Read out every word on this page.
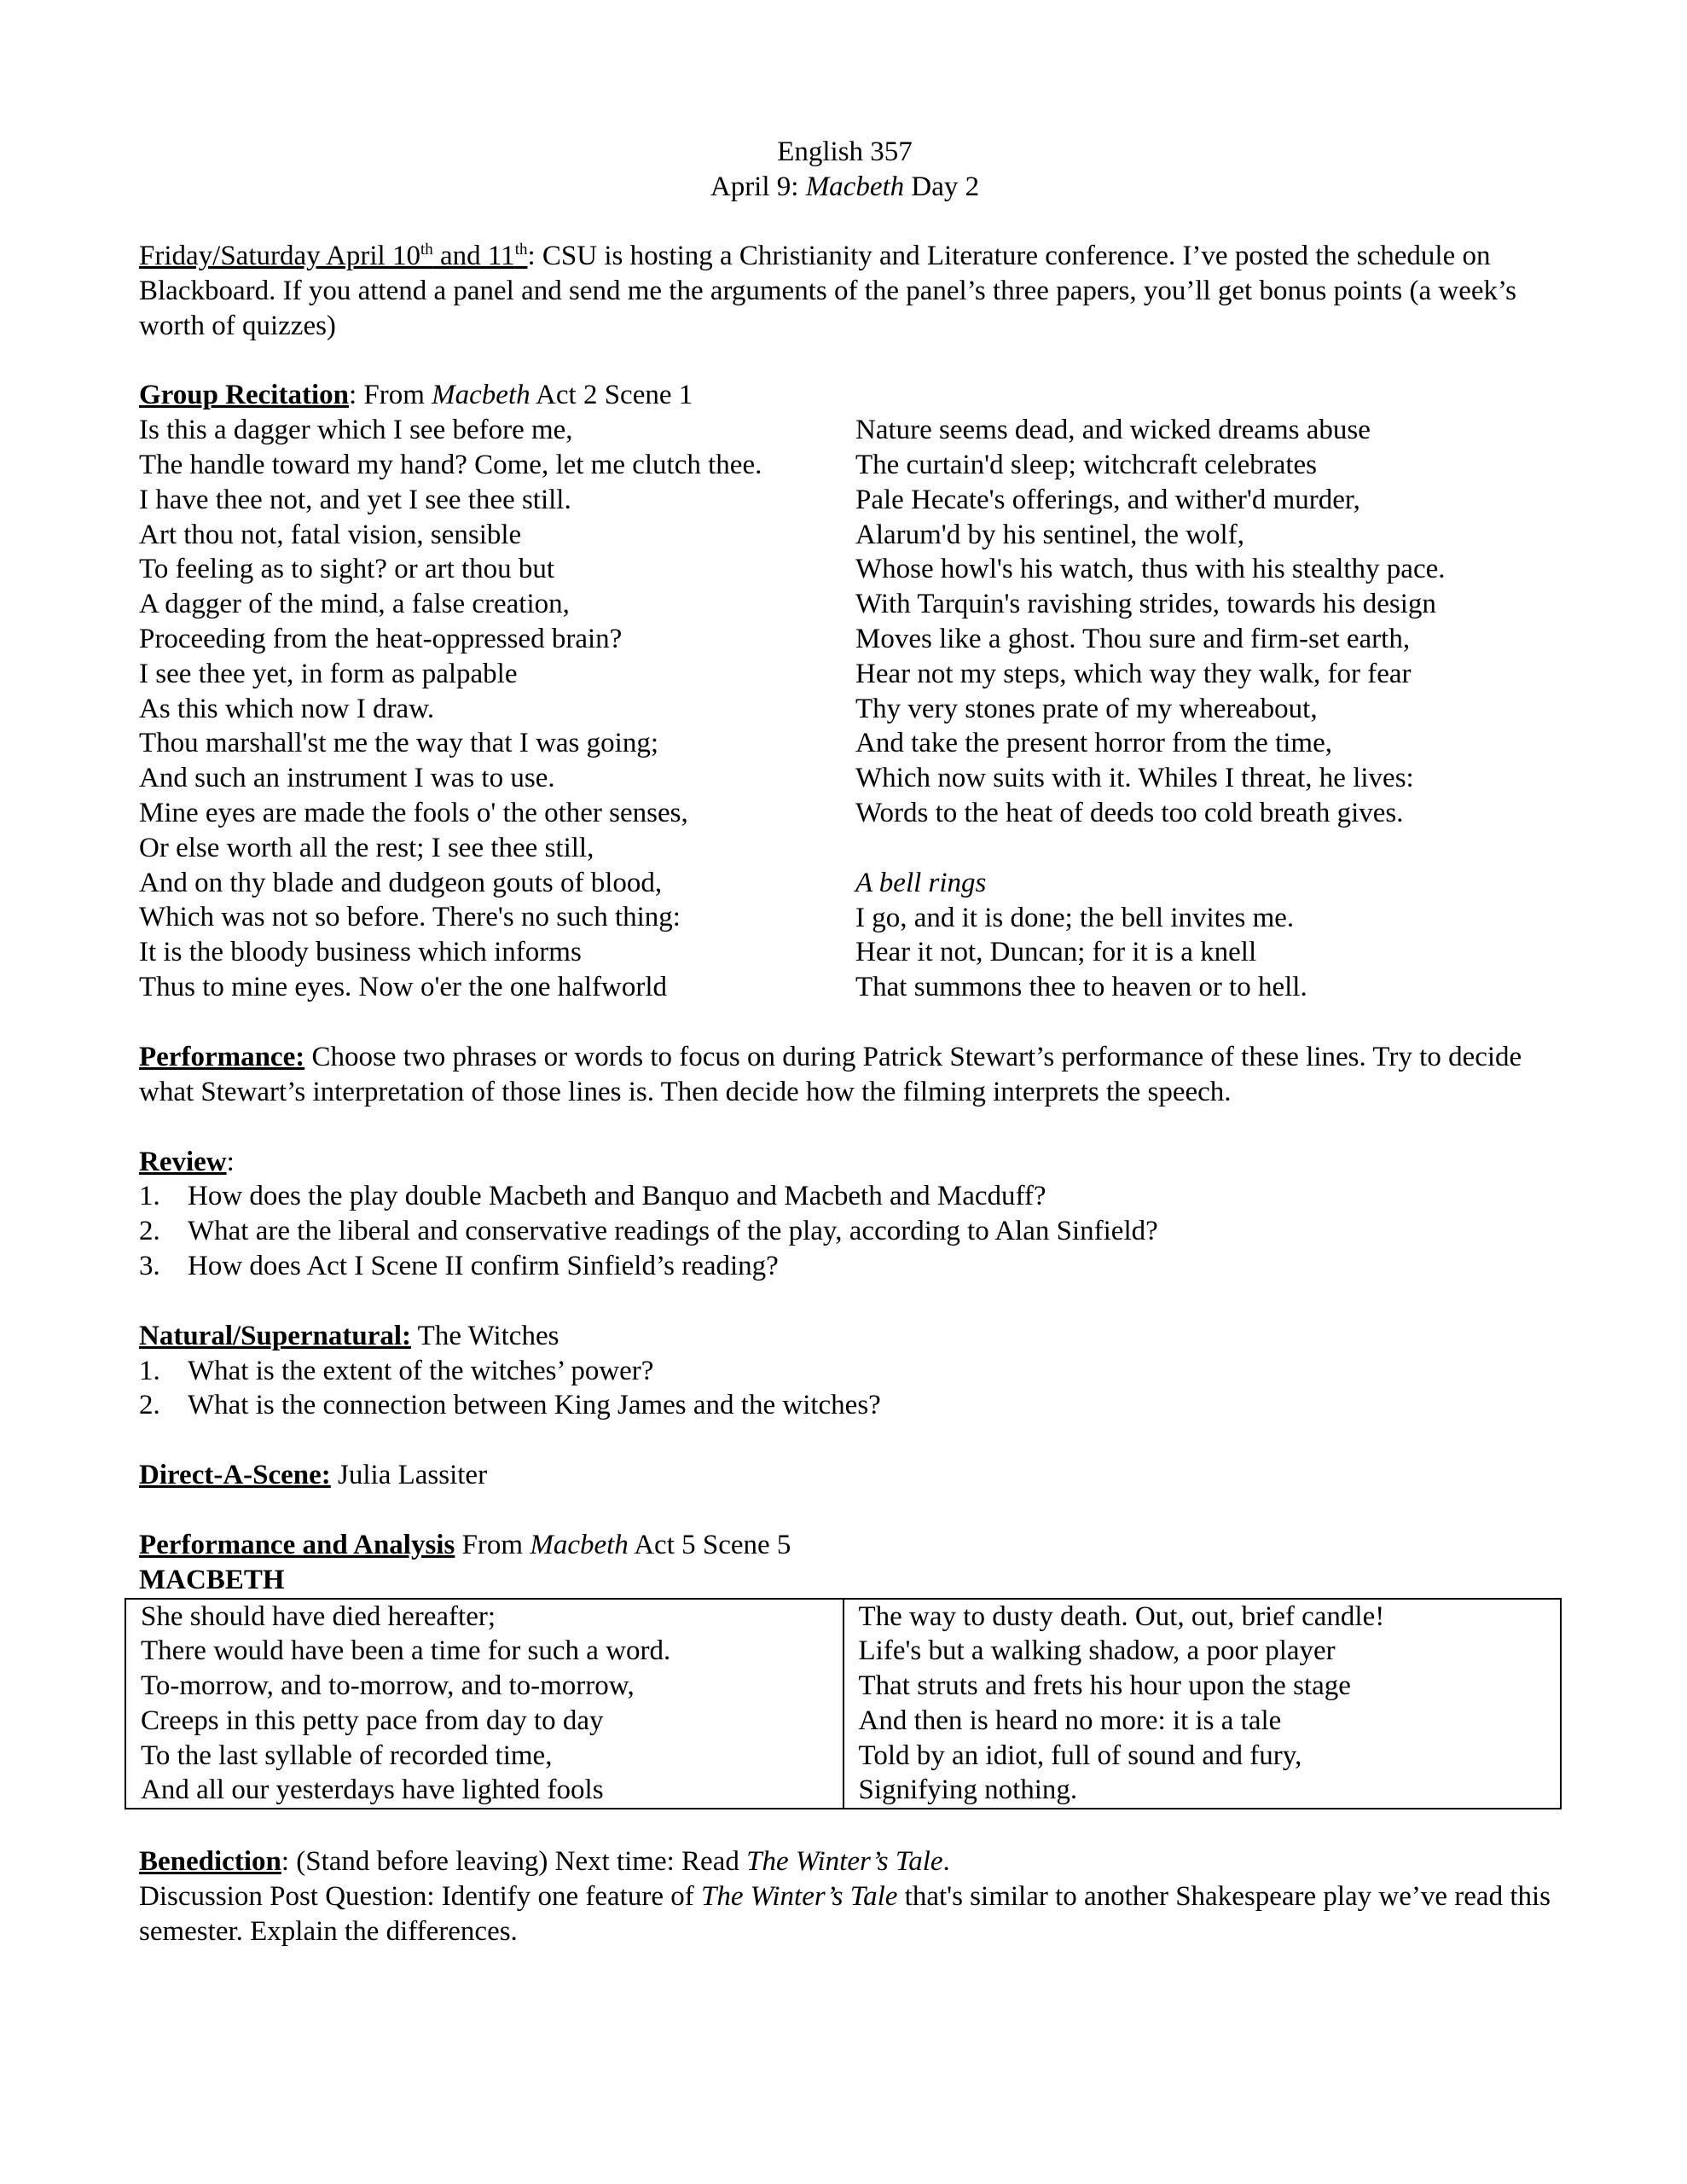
English 357
April 9: Macbeth Day 2

Friday/Saturday April 10th and 11th: CSU is hosting a Christianity and Literature conference. I’ve posted the schedule on Blackboard. If you attend a panel and send me the arguments of the panel’s three papers, you’ll get bonus points (a week’s worth of quizzes)

Group Recitation: From Macbeth Act 2 Scene 1
Is this a dagger which I see before me,
The handle toward my hand? Come, let me clutch thee.
I have thee not, and yet I see thee still.
Art thou not, fatal vision, sensible
To feeling as to sight? or art thou but
A dagger of the mind, a false creation,
Proceeding from the heat-oppressed brain?
I see thee yet, in form as palpable
As this which now I draw.
Thou marshall'st me the way that I was going;
And such an instrument I was to use.
Mine eyes are made the fools o' the other senses,
Or else worth all the rest; I see thee still,
And on thy blade and dudgeon gouts of blood,
Which was not so before. There's no such thing:
It is the bloody business which informs
Thus to mine eyes. Now o'er the one halfworld
Nature seems dead, and wicked dreams abuse
The curtain'd sleep; witchcraft celebrates
Pale Hecate's offerings, and wither'd murder,
Alarum'd by his sentinel, the wolf,
Whose howl's his watch, thus with his stealthy pace.
With Tarquin's ravishing strides, towards his design
Moves like a ghost. Thou sure and firm-set earth,
Hear not my steps, which way they walk, for fear
Thy very stones prate of my whereabout,
And take the present horror from the time,
Which now suits with it. Whiles I threat, he lives:
Words to the heat of deeds too cold breath gives.
A bell rings
I go, and it is done; the bell invites me.
Hear it not, Duncan; for it is a knell
That summons thee to heaven or to hell.

Performance: Choose two phrases or words to focus on during Patrick Stewart’s performance of these lines. Try to decide what Stewart’s interpretation of those lines is. Then decide how the filming interprets the speech.

Review:
1. How does the play double Macbeth and Banquo and Macbeth and Macduff?
2. What are the liberal and conservative readings of the play, according to Alan Sinfield?
3. How does Act I Scene II confirm Sinfield’s reading?
Natural/Supernatural: The Witches
1. What is the extent of the witches’ power?
2. What is the connection between King James and the witches?

Direct-A-Scene: Julia Lassiter

Performance and Analysis From Macbeth Act 5 Scene 5
MACBETH
She should have died hereafter;
There would have been a time for such a word.
To-morrow, and to-morrow, and to-morrow,
Creeps in this petty pace from day to day
To the last syllable of recorded time,
And all our yesterdays have lighted fools

The way to dusty death. Out, out, brief candle!
Life's but a walking shadow, a poor player
That struts and frets his hour upon the stage
And then is heard no more: it is a tale
Told by an idiot, full of sound and fury,
Signifying nothing.

Benediction: (Stand before leaving) Next time: Read The Winter’s Tale.

Discussion Post Question: Identify one feature of The Winter’s Tale that's similar to another Shakespeare play we’ve read this semester. Explain the differences.
